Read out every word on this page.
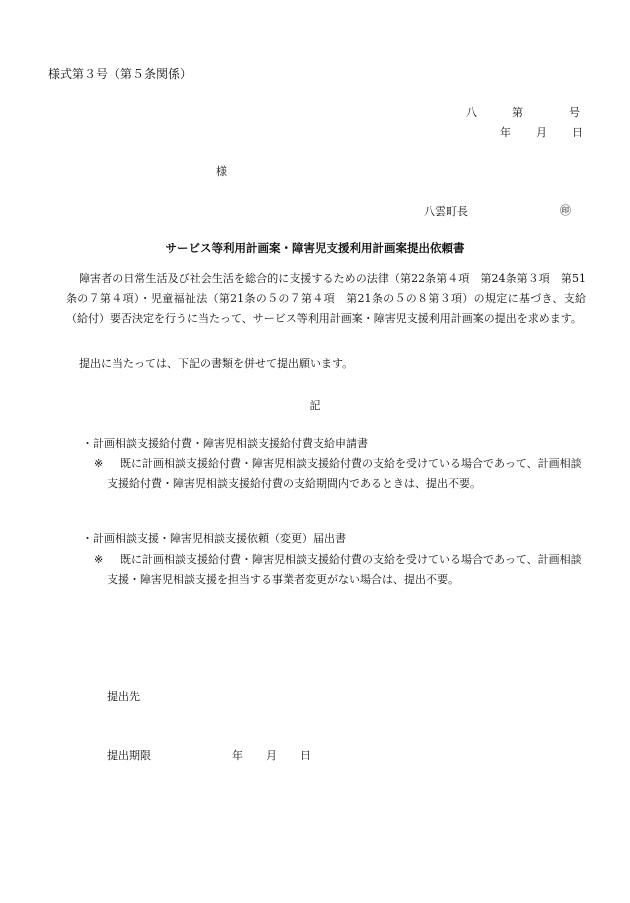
様式第３号（第５条関係）
八	第	号
年 月 日
様
八雲町長	㊞
サービス等利用計画案・障害児支援利用計画案提出依頼書
障害者の日常生活及び社会生活を総合的に支援するための法律（第22条第４項　第24条第３項　第51条の７第４項）・児童福祉法（第21条の５の７第４項　第21条の５の８第３項）の規定に基づき、支給（給付）要否決定を行うに当たって、サービス等利用計画案・障害児支援利用計画案の提出を求めます。
提出に当たっては、下記の書類を併せて提出願います。
記
・計画相談支援給付費・障害児相談支援給付費支給申請書
※ 既に計画相談支援給付費・障害児相談支援給付費の支給を受けている場合であって、計画相談支援給付費・障害児相談支援給付費の支給期間内であるときは、提出不要。
・計画相談支援・障害児相談支援依頼（変更）届出書
※ 既に計画相談支援給付費・障害児相談支援給付費の支給を受けている場合であって、計画相談支援・障害児相談支援を担当する事業者変更がない場合は、提出不要。
提出先
提出期限	年 月 日
